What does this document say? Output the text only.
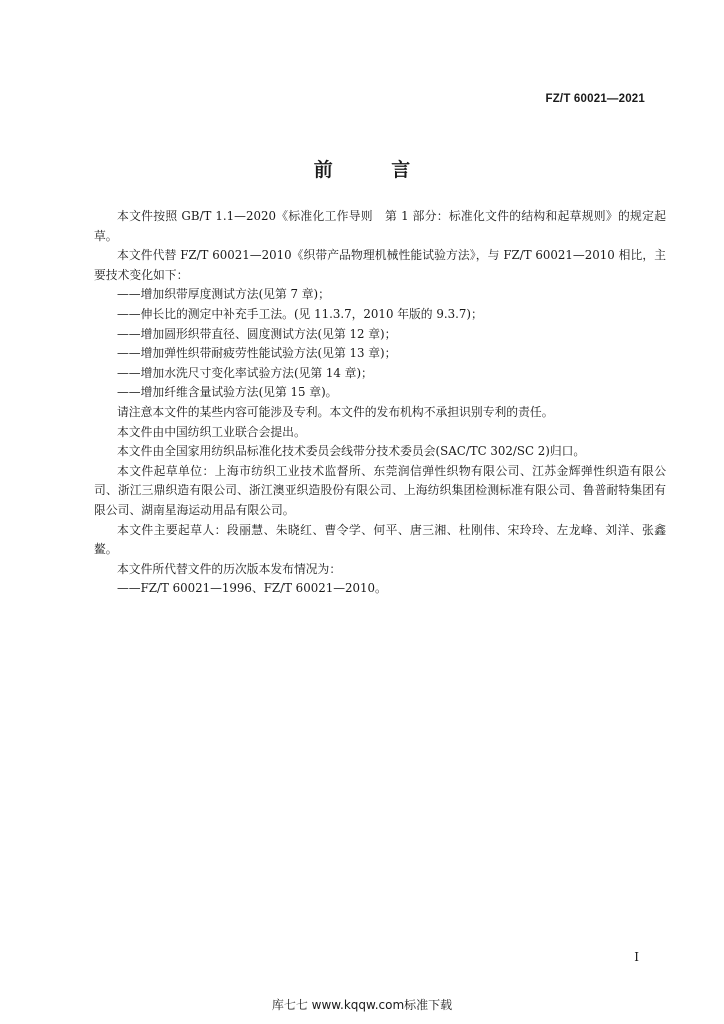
FZ/T 60021—2021
前 言

本文件按照 GB/T 1.1—2020《标准化工作导则　第 1 部分：标准化文件的结构和起草规则》的规定起草。

本文件代替 FZ/T 60021—2010《织带产品物理机械性能试验方法》，与 FZ/T 60021—2010 相比，主要技术变化如下：

——增加织带厚度测试方法(见第 7 章)；

——伸长比的测定中补充手工法。(见 11.3.7，2010 年版的 9.3.7)；

——增加圆形织带直径、圆度测试方法(见第 12 章)；

——增加弹性织带耐疲劳性能试验方法(见第 13 章)；

——增加水洗尺寸变化率试验方法(见第 14 章)；

——增加纤维含量试验方法(见第 15 章)。

请注意本文件的某些内容可能涉及专利。本文件的发布机构不承担识别专利的责任。

本文件由中国纺织工业联合会提出。

本文件由全国家用纺织品标准化技术委员会线带分技术委员会(SAC/TC 302/SC 2)归口。

本文件起草单位：上海市纺织工业技术监督所、东莞润信弹性织物有限公司、江苏金辉弹性织造有限公司、浙江三鼎织造有限公司、浙江澳亚织造股份有限公司、上海纺织集团检测标准有限公司、鲁普耐特集团有限公司、湖南星海运动用品有限公司。

本文件主要起草人：段丽慧、朱晓红、曹令学、何平、唐三湘、杜刚伟、宋玲玲、左龙峰、刘洋、张鑫鳌。

本文件所代替文件的历次版本发布情况为：

——FZ/T 60021—1996、FZ/T 60021—2010。

I
库七七 www.kqqw.com标准下载
